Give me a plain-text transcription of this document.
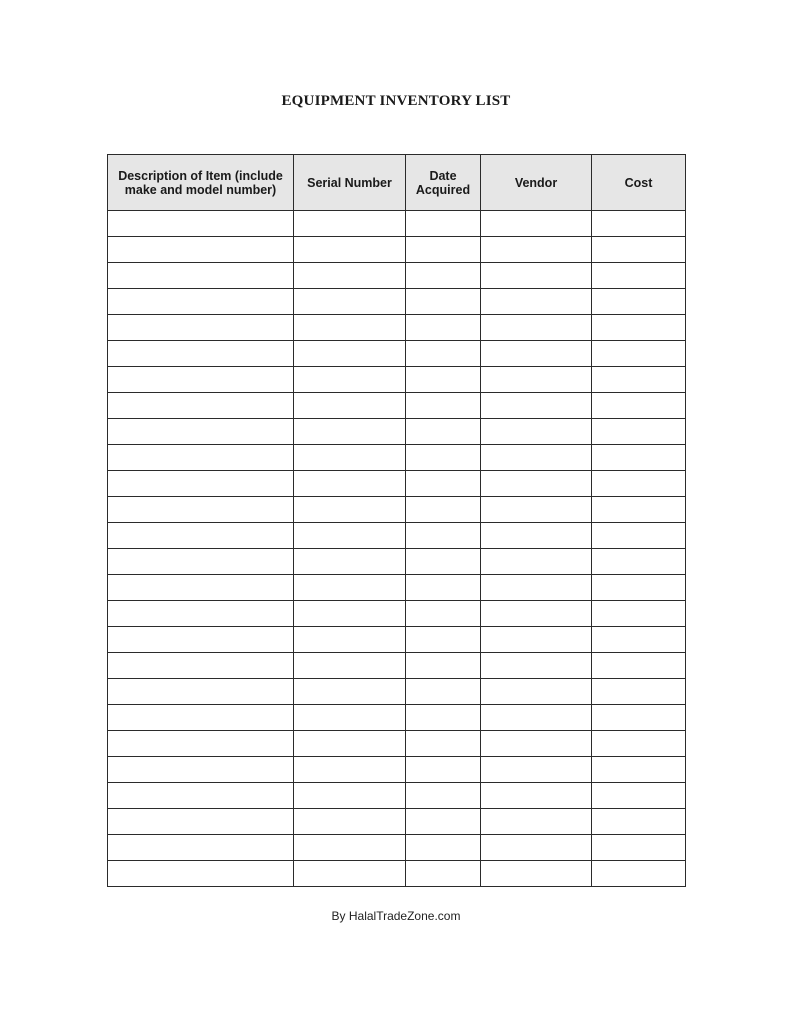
EQUIPMENT INVENTORY LIST
Description of Item (include make and model number)	Serial Number	Date Acquired	Vendor	Cost

By HalalTradeZone.com
